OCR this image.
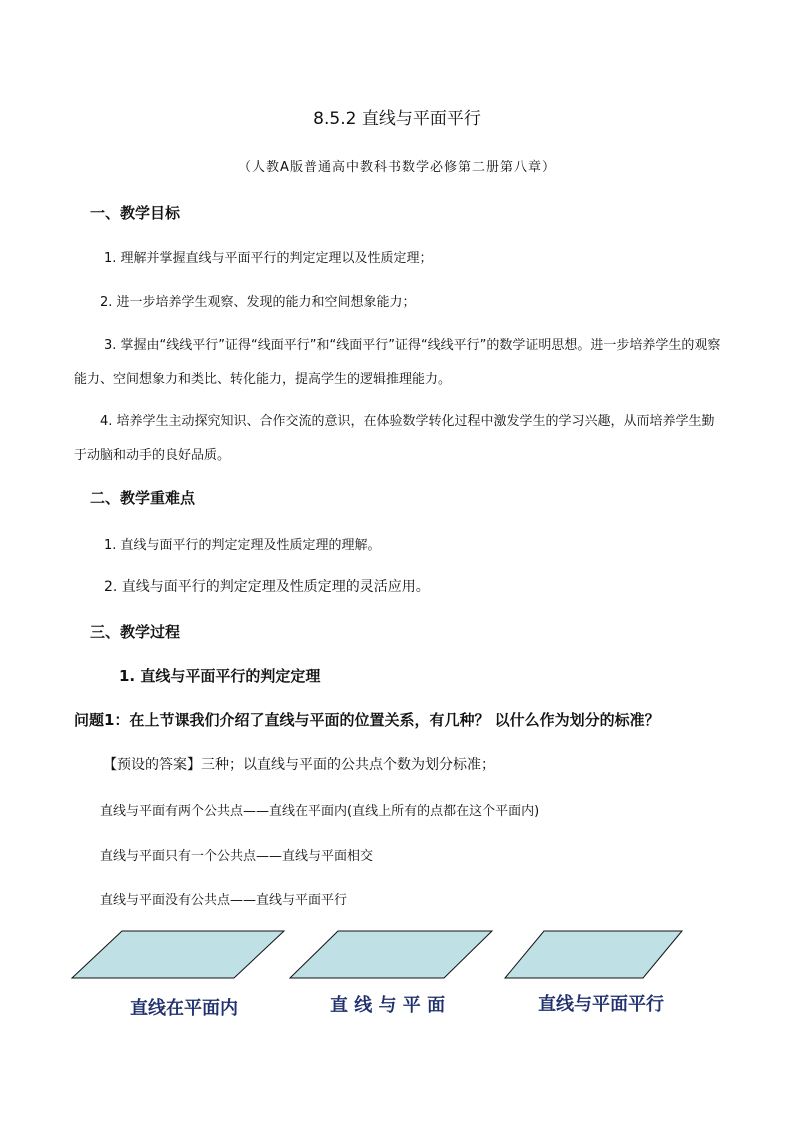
8.5.2 直线与平面平行
（人教A版普通高中教科书数学必修第二册第八章）
一、教学目标
1. 理解并掌握直线与平面平行的判定定理以及性质定理；
2. 进一步培养学生观察、发现的能力和空间想象能力；
3. 掌握由“线线平行”证得“线面平行”和“线面平行”证得“线线平行”的数学证明思想。进一步培养学生的观察能力、空间想象力和类比、转化能力，提高学生的逻辑推理能力。
4. 培养学生主动探究知识、合作交流的意识，在体验数学转化过程中激发学生的学习兴趣，从而培养学生勤于动脑和动手的良好品质。
二、教学重难点
1. 直线与面平行的判定定理及性质定理的理解。
2. 直线与面平行的判定定理及性质定理的灵活应用。
三、教学过程
1. 直线与平面平行的判定定理
问题1：在上节课我们介绍了直线与平面的位置关系，有几种？ 以什么作为划分的标准？
【预设的答案】三种；以直线与平面的公共点个数为划分标准；
直线与平面有两个公共点——直线在平面内(直线上所有的点都在这个平面内)
直线与平面只有一个公共点——直线与平面相交
直线与平面没有公共点——直线与平面平行
直线在平面内	直 线 与 平 面	直线与平面平行
